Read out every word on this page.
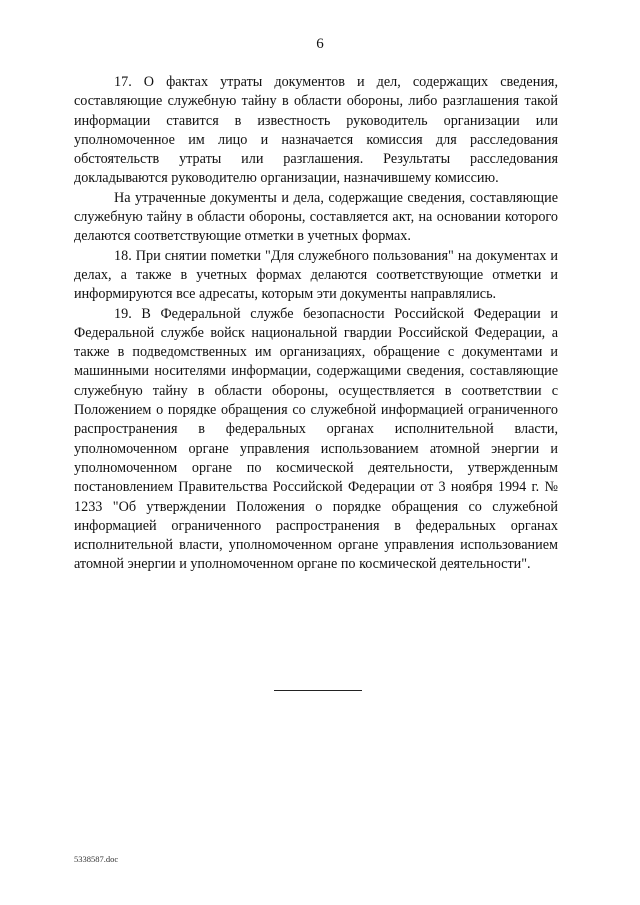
6

17. О фактах утраты документов и дел, содержащих сведения, составляющие служебную тайну в области обороны, либо разглашения такой информации ставится в известность руководитель организации или уполномоченное им лицо и назначается комиссия для расследования обстоятельств утраты или разглашения. Результаты расследования докладываются руководителю организации, назначившему комиссию.

На утраченные документы и дела, содержащие сведения, составляющие служебную тайну в области обороны, составляется акт, на основании которого делаются соответствующие отметки в учетных формах.

18. При снятии пометки "Для служебного пользования" на документах и делах, а также в учетных формах делаются соответствующие отметки и информируются все адресаты, которым эти документы направлялись.

19. В Федеральной службе безопасности Российской Федерации и Федеральной службе войск национальной гвардии Российской Федерации, а также в подведомственных им организациях, обращение с документами и машинными носителями информации, содержащими сведения, составляющие служебную тайну в области обороны, осуществляется в соответствии с Положением о порядке обращения со служебной информацией ограниченного распространения в федеральных органах исполнительной власти, уполномоченном органе управления использованием атомной энергии и уполномоченном органе по космической деятельности, утвержденным постановлением Правительства Российской Федерации от 3 ноября 1994 г. № 1233 "Об утверждении Положения о порядке обращения со служебной информацией ограниченного распространения в федеральных органах исполнительной власти, уполномоченном органе управления использованием атомной энергии и уполномоченном органе по космической деятельности".

5338587.doc
